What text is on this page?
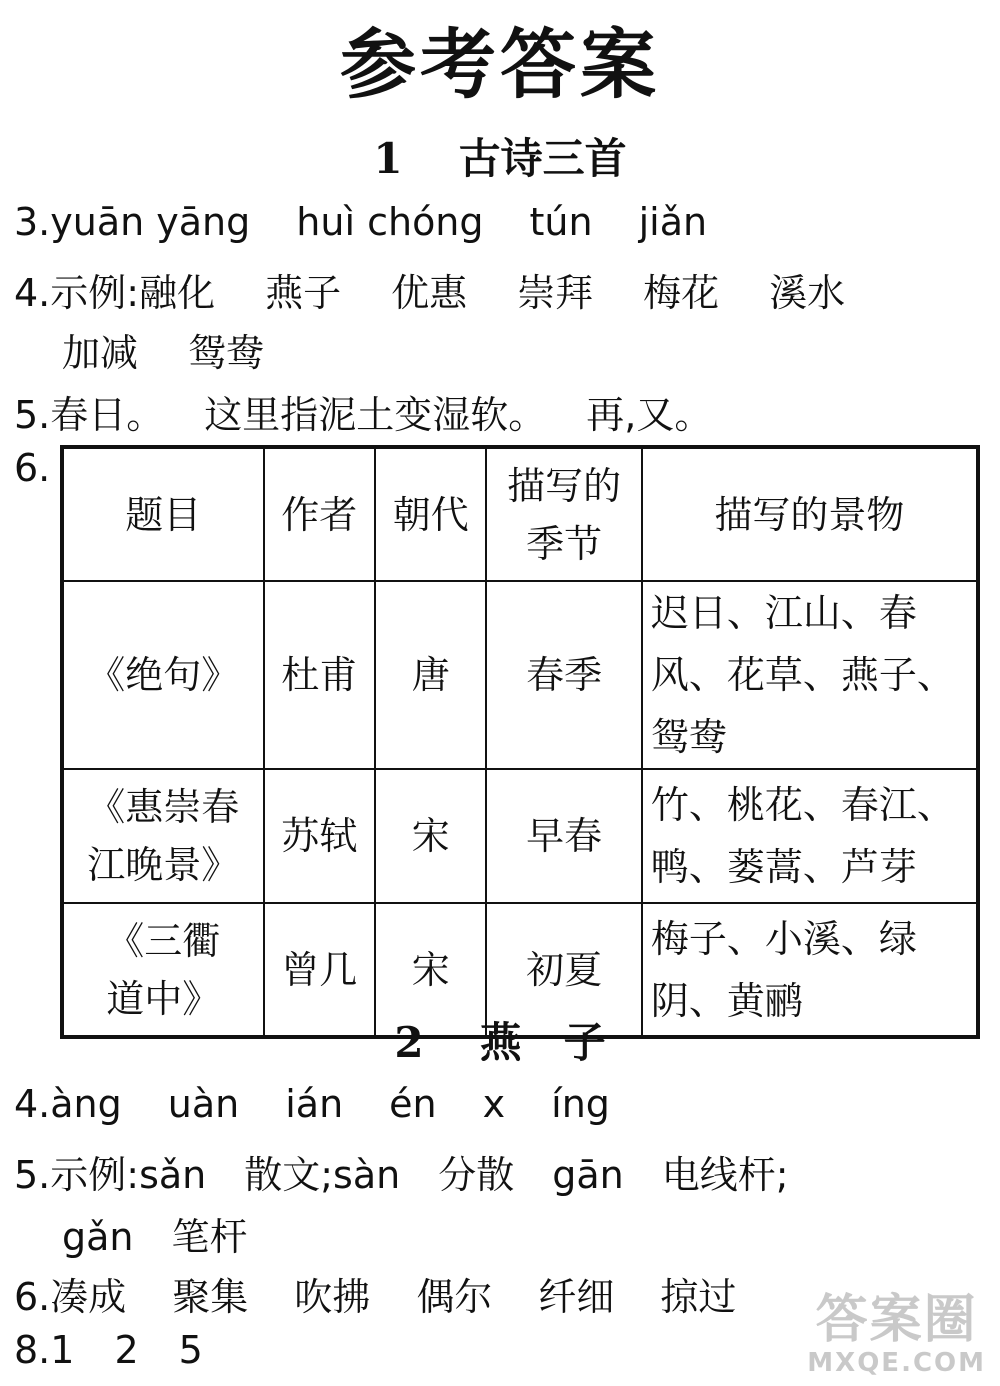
参考答案
1 古诗三首
3.yuān yāng huì chóng tún jiǎn
4.示例:融化 燕子 优惠 崇拜 梅花 溪水
加减 鸳鸯
5.春日。 这里指泥土变湿软。 再,又。
6.
题目	作者	朝代	描写的季节	描写的景物
《绝句》	杜甫	唐	春季	迟日、江山、春风、花草、燕子、鸳鸯
《惠崇春江晚景》	苏轼	宋	早春	竹、桃花、春江、鸭、蒌蒿、芦芽
《三衢道中》	曾几	宋	初夏	梅子、小溪、绿阴、黄鹂
2 燕　子
4.àng uàn ián én x íng
5.示例:sǎn　散文;sàn　分散　gān　电线杆;
gǎn　笔杆
6.凑成 聚集 吹拂 偶尔 纤细 掠过
8.1 2 5	答案圈
MXQE.COM
